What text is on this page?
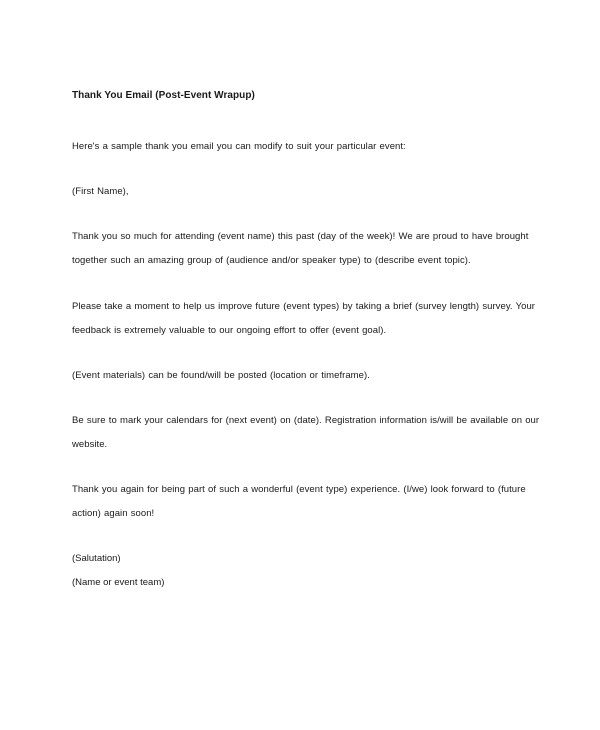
Thank You Email (Post-Event Wrapup)

Here's a sample thank you email you can modify to suit your particular event:

(First Name),

Thank you so much for attending (event name) this past (day of the week)! We are proud to have brought together such an amazing group of (audience and/or speaker type) to (describe event topic).

Please take a moment to help us improve future (event types) by taking a brief (survey length) survey. Your feedback is extremely valuable to our ongoing effort to offer (event goal).

(Event materials) can be found/will be posted (location or timeframe).

Be sure to mark your calendars for (next event) on (date). Registration information is/will be available on our website.

Thank you again for being part of such a wonderful (event type) experience. (I/we) look forward to (future action) again soon!

(Salutation)

(Name or event team)
